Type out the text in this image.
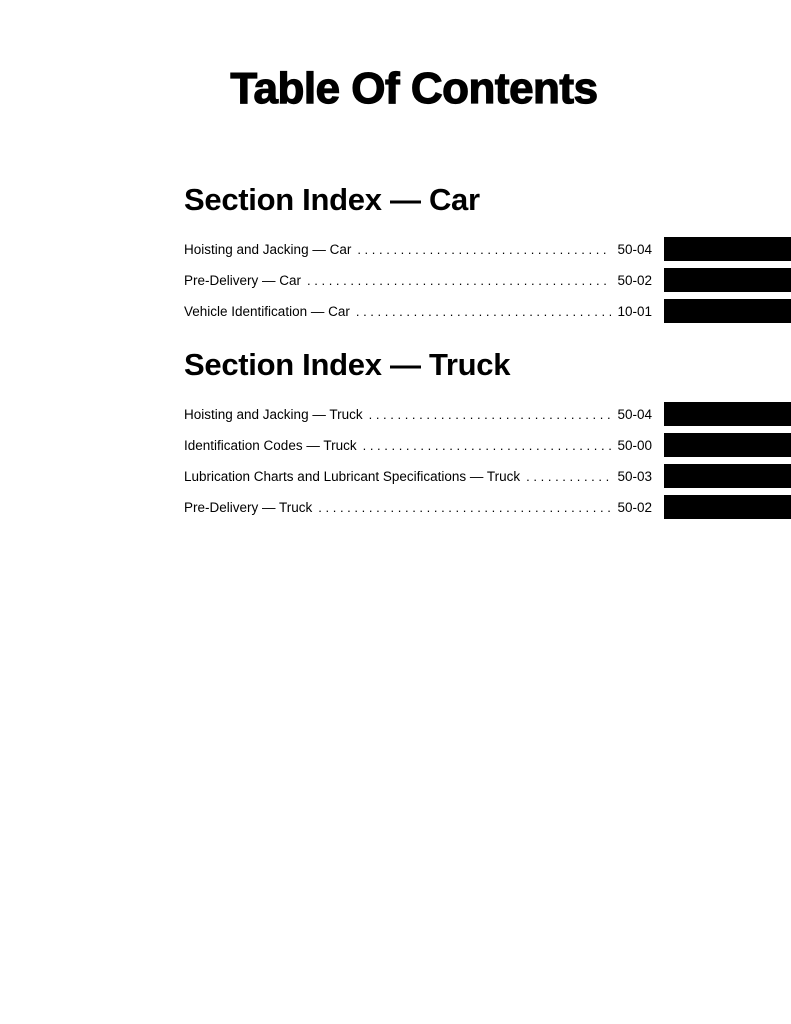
Table Of Contents
Section Index — Car
Hoisting and Jacking — Car . . .	50-04
Pre-Delivery — Car . . .	50-02
Vehicle Identification — Car . . .	10-01
Section Index — Truck
Hoisting and Jacking — Truck . . .	50-04
Identification Codes — Truck . . .	50-00
Lubrication Charts and Lubricant Specifications — Truck . . .	50-03
Pre-Delivery — Truck . . .	50-02
